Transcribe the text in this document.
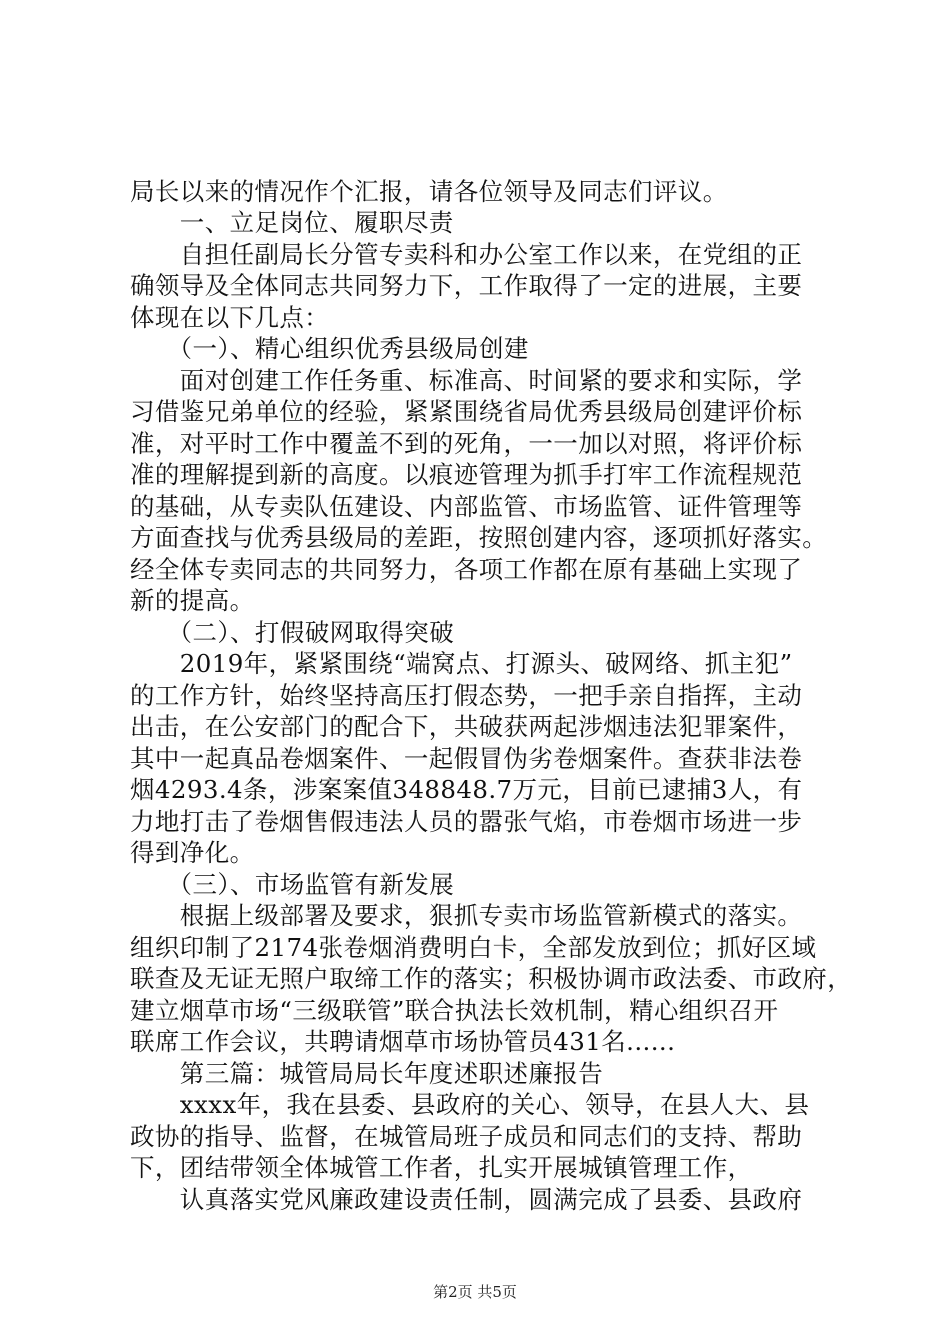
局长以来的情况作个汇报，请各位领导及同志们评议。
　　一、立足岗位、履职尽责
　　自担任副局长分管专卖科和办公室工作以来，在党组的正
确领导及全体同志共同努力下，工作取得了一定的进展，主要
体现在以下几点：
　　（一）、精心组织优秀县级局创建
　　面对创建工作任务重、标准高、时间紧的要求和实际，学
习借鉴兄弟单位的经验，紧紧围绕省局优秀县级局创建评价标
准，对平时工作中覆盖不到的死角，一一加以对照，将评价标
准的理解提到新的高度。以痕迹管理为抓手打牢工作流程规范
的基础，从专卖队伍建设、内部监管、市场监管、证件管理等
方面查找与优秀县级局的差距，按照创建内容，逐项抓好落实。
经全体专卖同志的共同努力，各项工作都在原有基础上实现了
新的提高。
　　（二）、打假破网取得突破
　　2019年，紧紧围绕“端窝点、打源头、破网络、抓主犯”
的工作方针，始终坚持高压打假态势，一把手亲自指挥，主动
出击，在公安部门的配合下，共破获两起涉烟违法犯罪案件，
其中一起真品卷烟案件、一起假冒伪劣卷烟案件。查获非法卷
烟4293.4条，涉案案值348848.7万元，目前已逮捕3人，有
力地打击了卷烟售假违法人员的嚣张气焰，市卷烟市场进一步
得到净化。
　　（三）、市场监管有新发展
　　根据上级部署及要求，狠抓专卖市场监管新模式的落实。
组织印制了2174张卷烟消费明白卡，全部发放到位；抓好区域
联查及无证无照户取缔工作的落实；积极协调市政法委、市政府，
建立烟草市场“三级联管”联合执法长效机制，精心组织召开
联席工作会议，共聘请烟草市场协管员431名......
　　第三篇：城管局局长年度述职述廉报告
　　xxxx年，我在县委、县政府的关心、领导，在县人大、县
政协的指导、监督，在城管局班子成员和同志们的支持、帮助
下，团结带领全体城管工作者，扎实开展城镇管理工作，
　　认真落实党风廉政建设责任制，圆满完成了县委、县政府
第2页 共5页
